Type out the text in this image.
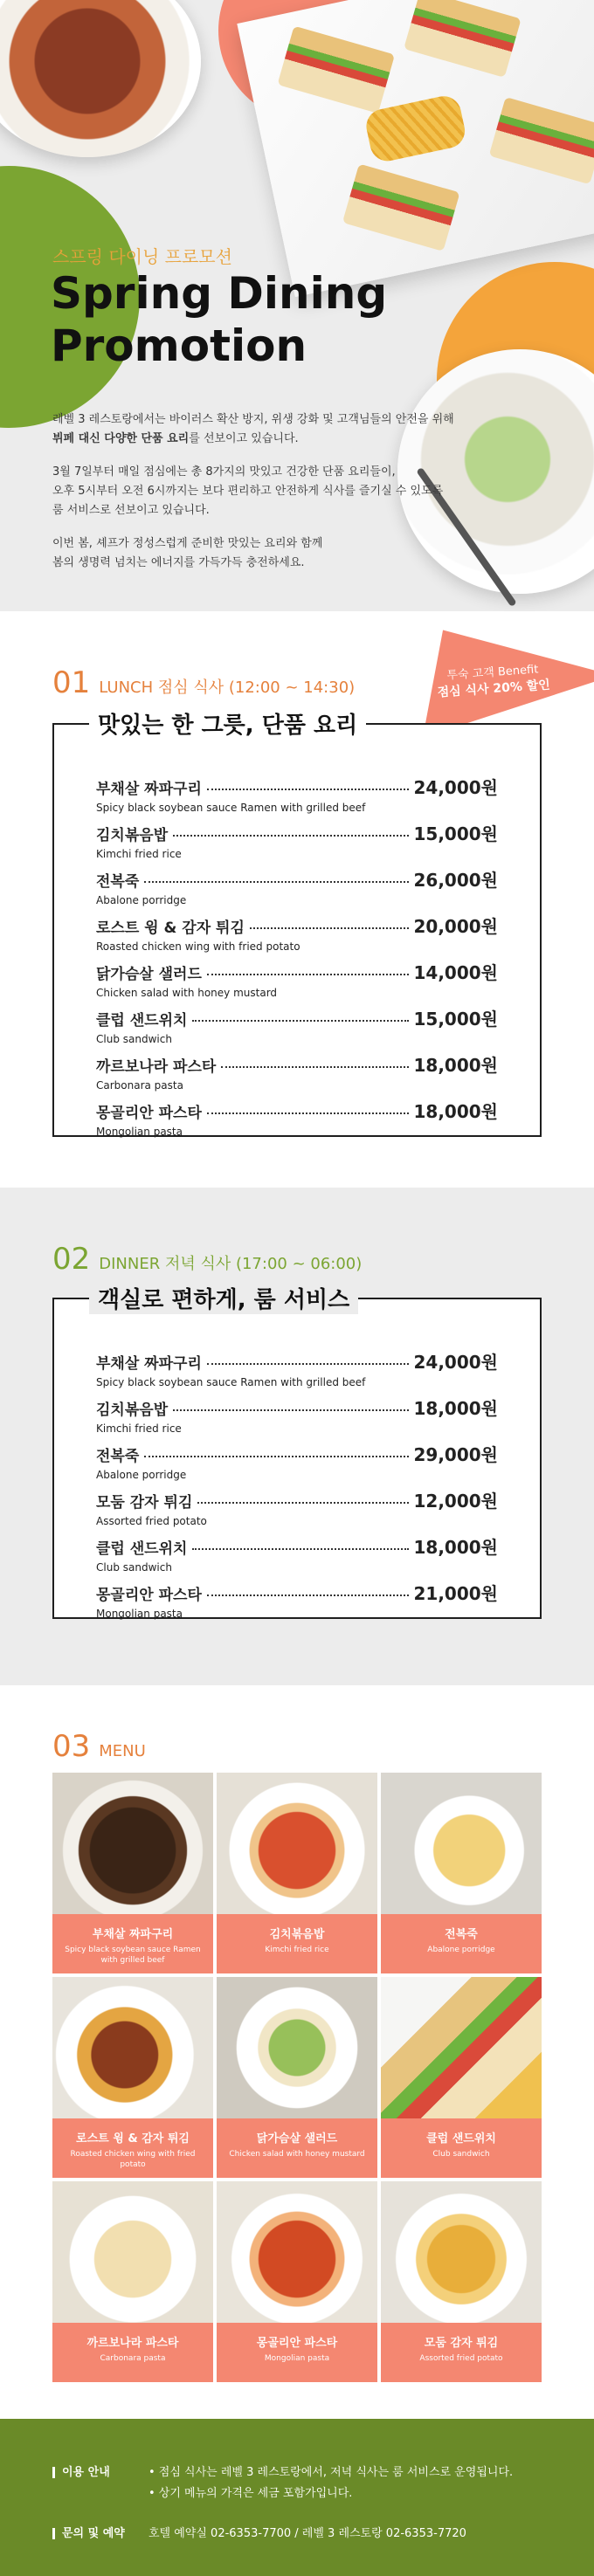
스프링 다이닝 프로모션
Spring Dining
Promotion

레벨 3 레스토랑에서는 바이러스 확산 방지, 위생 강화 및 고객님들의 안전을 위해
뷔페 대신 다양한 단품 요리를 선보이고 있습니다.

3월 7일부터 매일 점심에는 총 8가지의 맛있고 건강한 단품 요리들이,
오후 5시부터 오전 6시까지는 보다 편리하고 안전하게 식사를 즐기실 수 있도록
룸 서비스로 선보이고 있습니다.

이번 봄, 셰프가 정성스럽게 준비한 맛있는 요리와 함께
봄의 생명력 넘치는 에너지를 가득가득 충전하세요.

01 LUNCH 점심 식사 (12:00 ~ 14:30)
투숙 고객 Benefit
점심 식사 20% 할인
맛있는 한 그릇, 단품 요리
부채살 짜파구리	24,000원
Spicy black soybean sauce Ramen with grilled beef
김치볶음밥	15,000원
Kimchi fried rice
전복죽	26,000원
Abalone porridge
로스트 윙 & 감자 튀김	20,000원
Roasted chicken wing with fried potato
닭가슴살 샐러드	14,000원
Chicken salad with honey mustard
클럽 샌드위치	15,000원
Club sandwich
까르보나라 파스타	18,000원
Carbonara pasta
몽골리안 파스타	18,000원
Mongolian pasta
02 DINNER 저녁 식사 (17:00 ~ 06:00)
객실로 편하게, 룸 서비스
부채살 짜파구리	24,000원
Spicy black soybean sauce Ramen with grilled beef
김치볶음밥	18,000원
Kimchi fried rice
전복죽	29,000원
Abalone porridge
모둠 감자 튀김	12,000원
Assorted fried potato
클럽 샌드위치	18,000원
Club sandwich
몽골리안 파스타	21,000원
Mongolian pasta
03 MENU
부채살 짜파구리
Spicy black soybean sauce Ramen with grilled beef
김치볶음밥
Kimchi fried rice
전복죽
Abalone porridge
로스트 윙 & 감자 튀김
Roasted chicken wing with fried potato
닭가슴살 샐러드
Chicken salad with honey mustard
클럽 샌드위치
Club sandwich
까르보나라 파스타
Carbonara pasta
몽골리안 파스타
Mongolian pasta
모둠 감자 튀김
Assorted fried potato
이용 안내	• 점심 식사는 레벨 3 레스토랑에서, 저녁 식사는 룸 서비스로 운영됩니다.
• 상기 메뉴의 가격은 세금 포함가입니다.
문의 및 예약	호텔 예약실 02-6353-7700 / 레벨 3 레스토랑 02-6353-7720
